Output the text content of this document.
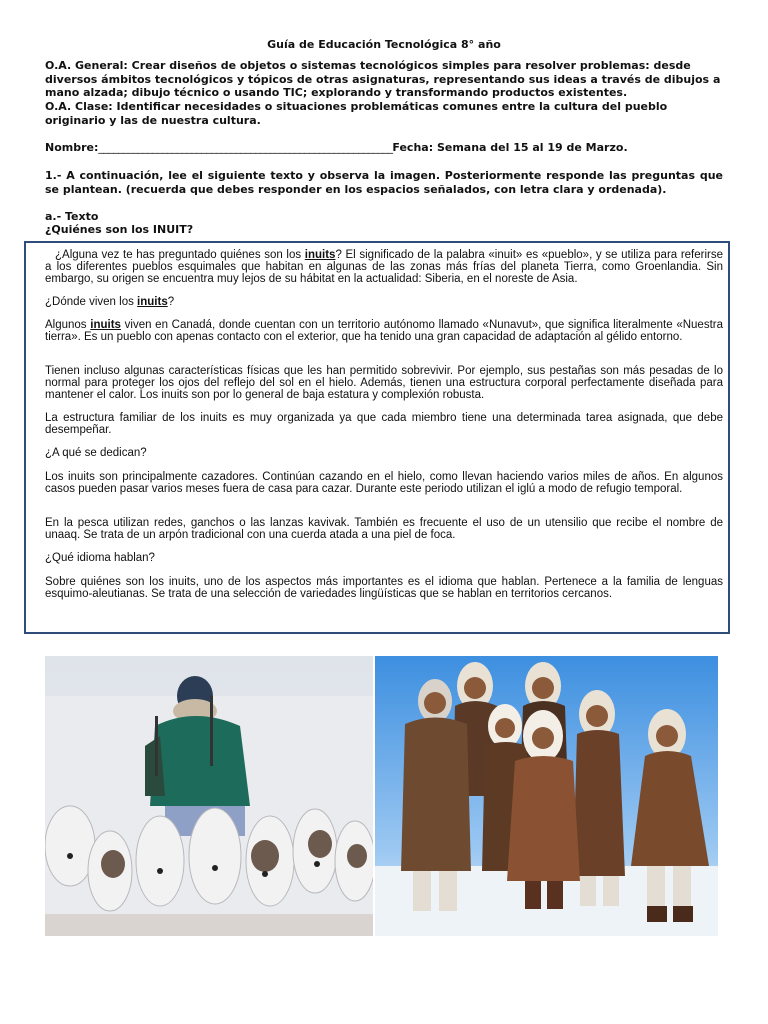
Guía de Educación Tecnológica 8° año
O.A. General: Crear diseños de objetos o sistemas tecnológicos simples para resolver problemas: desde diversos ámbitos tecnológicos y tópicos de otras asignaturas, representando sus ideas a través de dibujos a mano alzada; dibujo técnico o usando TIC; explorando y transformando productos existentes.
O.A. Clase: Identificar necesidades o situaciones problemáticas comunes entre la cultura del pueblo originario y las de nuestra cultura.
Nombre:____________________________________________________________Fecha: Semana del 15 al 19 de Marzo.
1.- A continuación, lee el siguiente texto y observa la imagen. Posteriormente responde las preguntas que se plantean. (recuerda que debes responder en los espacios señalados, con letra clara y ordenada).
a.- Texto
¿Quiénes son los INUIT?
¿Alguna vez te has preguntado quiénes son los inuits? El significado de la palabra «inuit» es «pueblo», y se utiliza para referirse a los diferentes pueblos esquimales que habitan en algunas de las zonas más frías del planeta Tierra, como Groenlandia. Sin embargo, su origen se encuentra muy lejos de su hábitat en la actualidad: Siberia, en el noreste de Asia.
¿Dónde viven los inuits?
Algunos inuits viven en Canadá, donde cuentan con un territorio autónomo llamado «Nunavut», que significa literalmente «Nuestra tierra». Es un pueblo con apenas contacto con el exterior, que ha tenido una gran capacidad de adaptación al gélido entorno.
Tienen incluso algunas características físicas que les han permitido sobrevivir. Por ejemplo, sus pestañas son más pesadas de lo normal para proteger los ojos del reflejo del sol en el hielo. Además, tienen una estructura corporal perfectamente diseñada para mantener el calor. Los inuits son por lo general de baja estatura y complexión robusta.
La estructura familiar de los inuits es muy organizada ya que cada miembro tiene una determinada tarea asignada, que debe desempeñar.
¿A qué se dedican?
Los inuits son principalmente cazadores. Continúan cazando en el hielo, como llevan haciendo varios miles de años. En algunos casos pueden pasar varios meses fuera de casa para cazar. Durante este periodo utilizan el iglú a modo de refugio temporal.
En la pesca utilizan redes, ganchos o las lanzas kavivak. También es frecuente el uso de un utensilio que recibe el nombre de unaaq. Se trata de un arpón tradicional con una cuerda atada a una piel de foca.
¿Qué idioma hablan?
Sobre quiénes son los inuits, uno de los aspectos más importantes es el idioma que hablan. Pertenece a la familia de lenguas esquimo-aleutianas. Se trata de una selección de variedades lingüísticas que se hablan en territorios cercanos.
